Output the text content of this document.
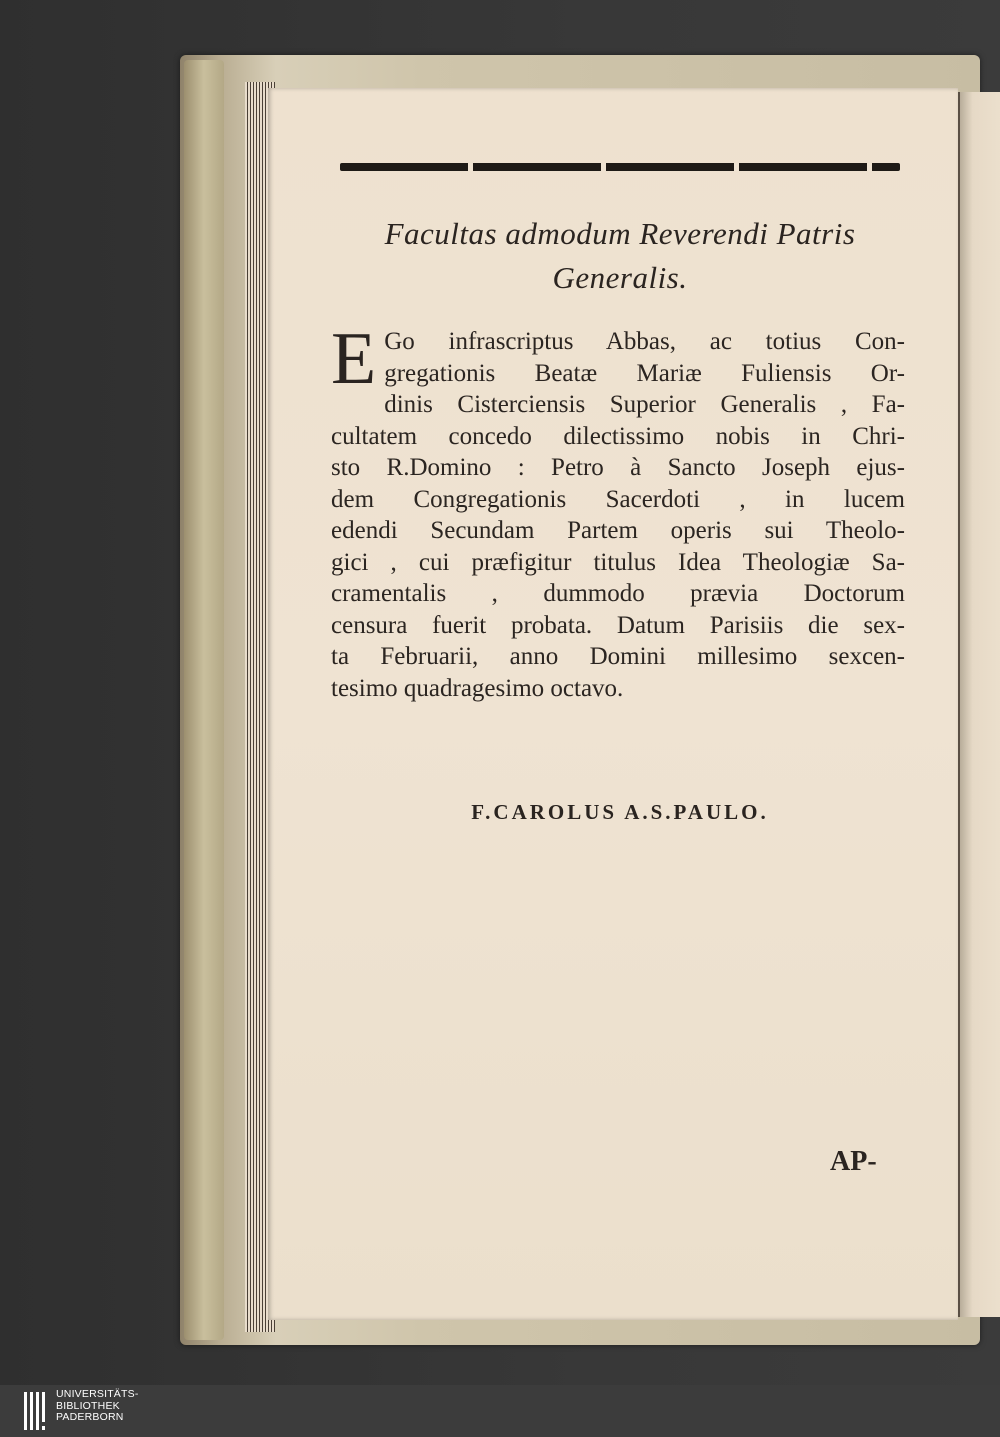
Facultas admodum Reverendi Patris
Generalis.
E Go infrascriptus Abbas, ac totius Con-
gregationis Beatæ Mariæ Fuliensis Or-
dinis Cisterciensis Superior Generalis , Fa-
cultatem concedo dilectissimo nobis in Chri-
sto R.Domino : Petro à Sancto Joseph ejus-
dem Congregationis Sacerdoti , in lucem
edendi Secundam Partem operis sui Theolo-
gici , cui præfigitur titulus Idea Theologiæ Sa-
cramentalis , dummodo prævia Doctorum
censura fuerit probata. Datum Parisiis die sex-
ta Februarii, anno Domini millesimo sexcen-
tesimo quadragesimo octavo.
F.CAROLUS A.S.PAULO.
AP-
UNIVERSITÄTS-
BIBLIOTHEK
PADERBORN
